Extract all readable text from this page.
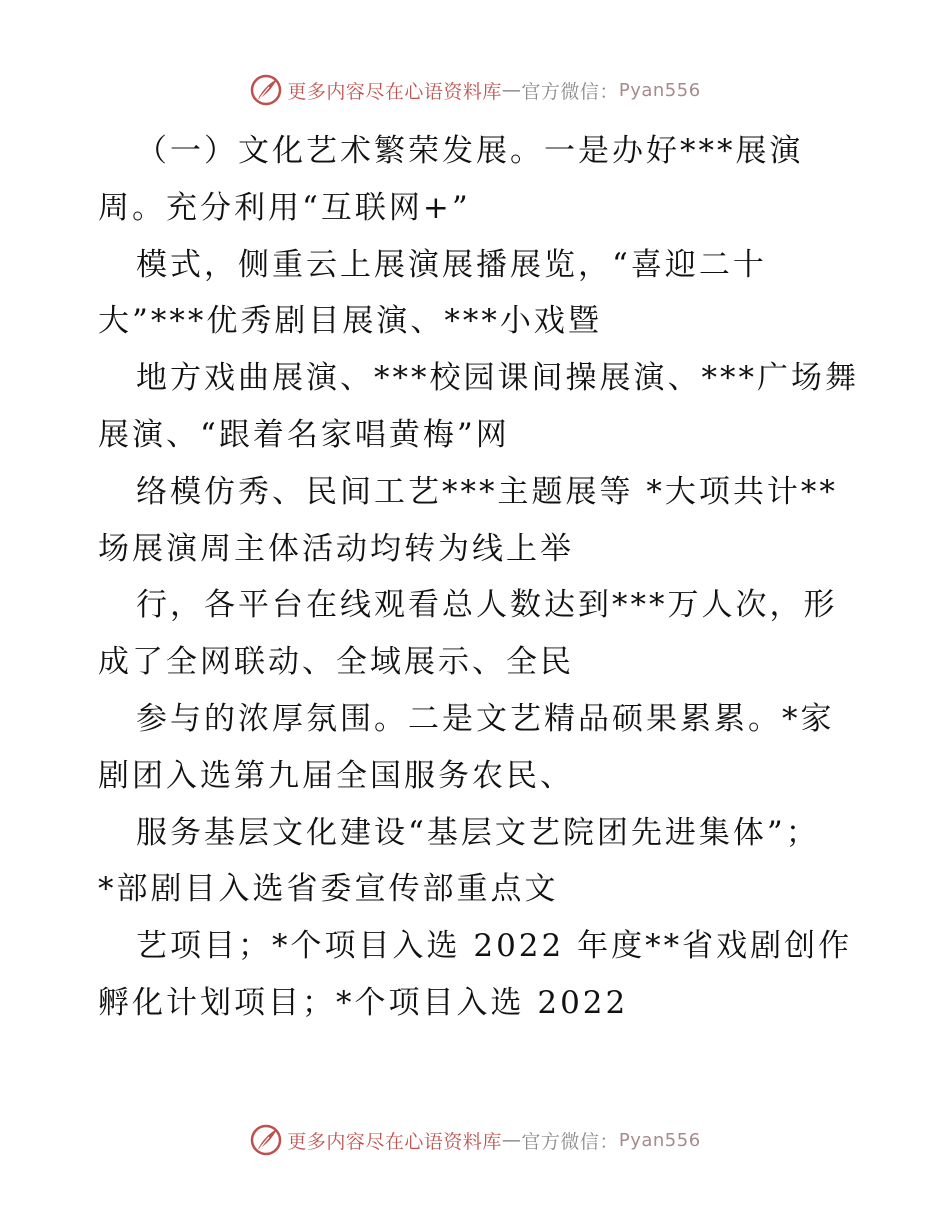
更多内容尽在心语资料库 — 官方微信： Pyan556
（一）文化艺术繁荣发展。一是办好***展演
周。充分利用“互联网+”
模式，侧重云上展演展播展览，“喜迎二十
大”***优秀剧目展演、***小戏暨
地方戏曲展演、***校园课间操展演、***广场舞
展演、“跟着名家唱黄梅”网
络模仿秀、民间工艺***主题展等 *大项共计**
场展演周主体活动均转为线上举
行，各平台在线观看总人数达到***万人次，形
成了全网联动、全域展示、全民
参与的浓厚氛围。二是文艺精品硕果累累。*家
剧团入选第九届全国服务农民、
服务基层文化建设“基层文艺院团先进集体”；
*部剧目入选省委宣传部重点文
艺项目；*个项目入选 2022 年度**省戏剧创作
孵化计划项目；*个项目入选 2022
更多内容尽在心语资料库 — 官方微信： Pyan556
